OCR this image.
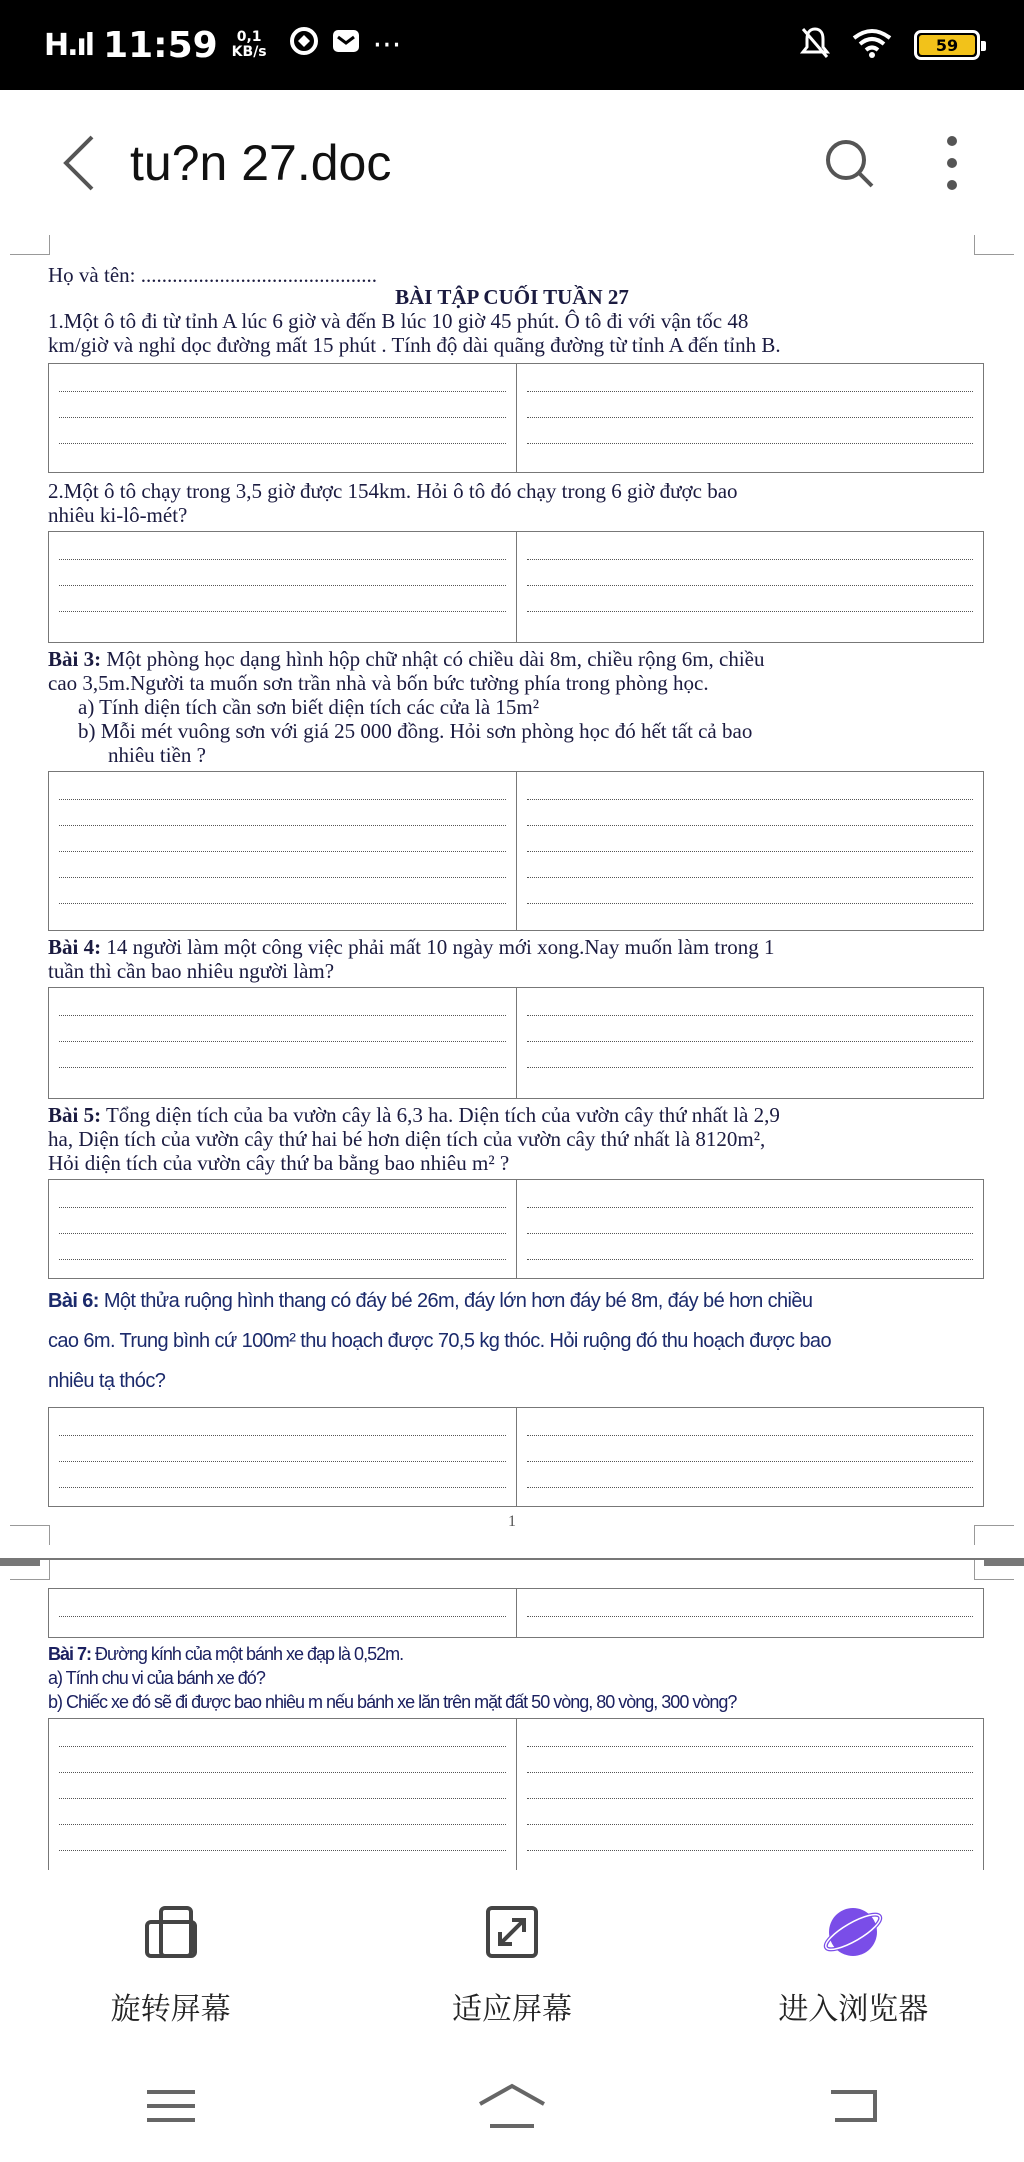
H.ıl 11:59	0,1
KB/s	···	59
tu?n 27.doc
Họ và tên: .............................................
BÀI TẬP CUỐI TUẦN 27
1.Một ô tô đi từ tỉnh A lúc 6 giờ và đến B lúc 10 giờ 45 phút. Ô tô đi với vận tốc 48
km/giờ và nghỉ dọc đường mất 15 phút . Tính độ dài quãng đường từ tỉnh A đến tỉnh B.
2.Một ô tô chạy trong 3,5 giờ được 154km. Hỏi ô tô đó chạy trong 6 giờ được bao
nhiêu ki-lô-mét?
Bài 3: Một phòng học dạng hình hộp chữ nhật có chiều dài 8m, chiều rộng 6m, chiều
cao 3,5m.Người ta muốn sơn trần nhà và bốn bức tường phía trong phòng học.
a) Tính diện tích cần sơn biết diện tích các cửa là 15m²
b) Mỗi mét vuông sơn với giá 25 000 đồng. Hỏi sơn phòng học đó hết tất cả bao
nhiêu tiền ?
Bài 4: 14 người làm một công việc phải mất 10 ngày mới xong.Nay muốn làm trong 1
tuần thì cần bao nhiêu người làm?
Bài 5: Tổng diện tích của ba vườn cây là 6,3 ha. Diện tích của vườn cây thứ nhất là 2,9
ha, Diện tích của vườn cây thứ hai bé hơn diện tích của vườn cây thứ nhất là 8120m²,
Hỏi diện tích của vườn cây thứ ba bằng bao nhiêu m² ?
Bài 6: Một thửa ruộng hình thang có đáy bé 26m, đáy lớn hơn đáy bé 8m, đáy bé hơn chiều
cao 6m. Trung bình cứ 100m² thu hoạch được 70,5 kg thóc. Hỏi ruộng đó thu hoạch được bao
nhiêu tạ thóc?
1
Bài 7: Đường kính của một bánh xe đạp là 0,52m.
a) Tính chu vi của bánh xe đó?
b) Chiếc xe đó sẽ đi được bao nhiêu m nếu bánh xe lăn trên mặt đất 50 vòng, 80 vòng, 300 vòng?
旋转屏幕	适应屏幕	进入浏览器
